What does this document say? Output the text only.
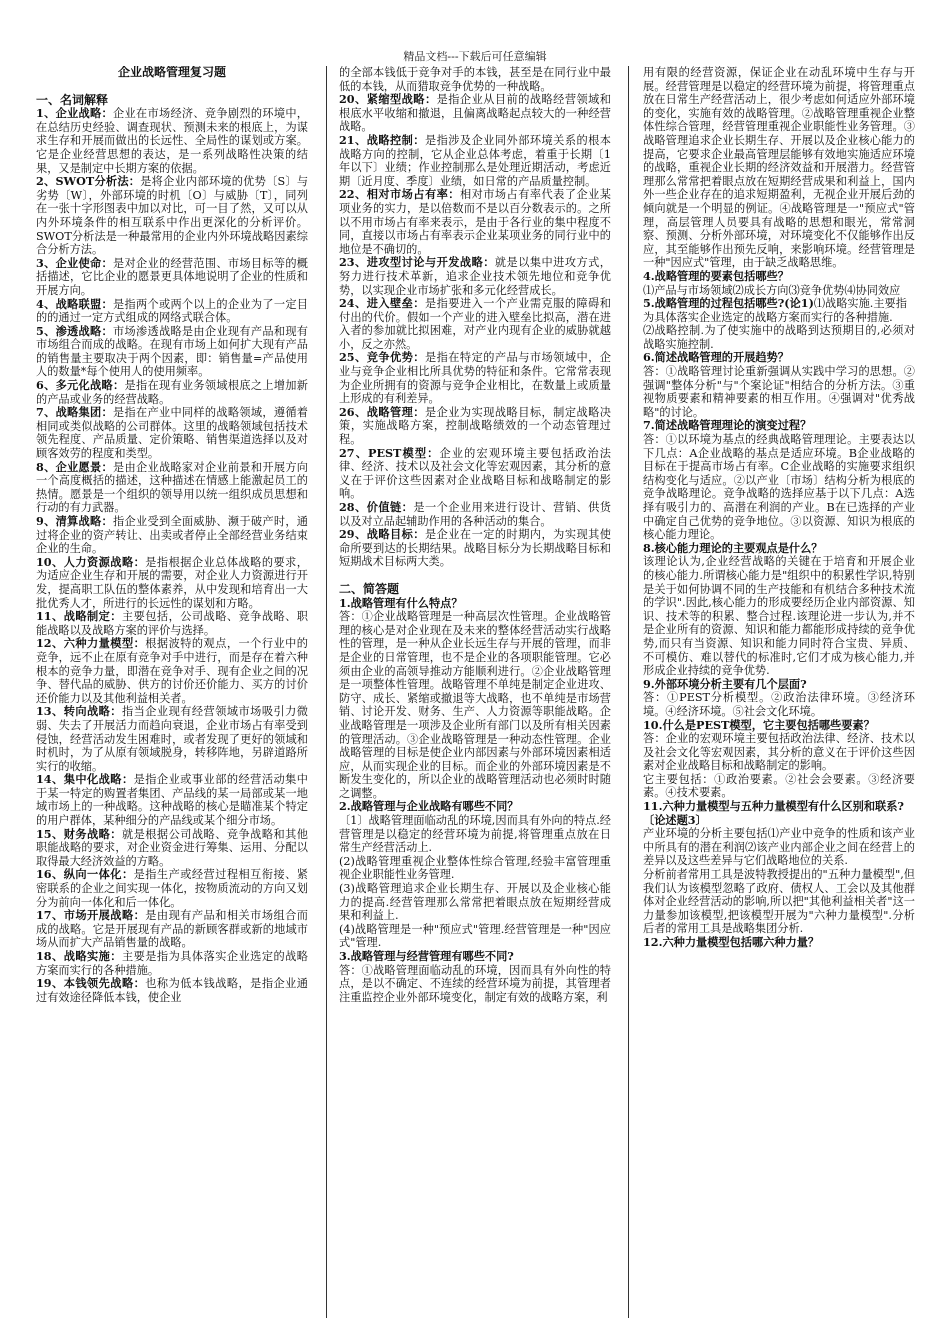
精品文档---下载后可任意编辑
企业战略管理复习题
一、名词解释

1、企业战略：企业在市场经济、竞争剧烈的环境中，在总结历史经验、调查现状、预测未来的根底上，为谋求生存和开展而做出的长远性、全局性的谋划或方案。它是企业经营思想的表达，是一系列战略性决策的结果，又是制定中长期方案的依据。

2、SWOT分析法：是将企业内部环境的优势〔S〕与劣势〔W〕，外部环境的时机〔O〕与威胁〔T〕，同列在一张十字形图表中加以对比，可一目了然，又可以从内外环境条件的相互联系中作出更深化的分析评价。SWOT分析法是一种最常用的企业内外环境战略因素综合分析方法。

3、企业使命：是对企业的经营范围、市场目标等的概括描述，它比企业的愿景更具体地说明了企业的性质和开展方向。

4、战略联盟：是指两个或两个以上的企业为了一定目的的通过一定方式组成的网络式联合体。

5、渗透战略：市场渗透战略是由企业现有产品和现有市场组合而成的战略。在现有市场上如何扩大现有产品的销售量主要取决于两个因素，即：销售量=产品使用人的数量*每个使用人的使用频率。

6、多元化战略：是指在现有业务领域根底之上增加新的产品或业务的经营战略。

7、战略集团：是指在产业中同样的战略领域，遵循着相同或类似战略的公司群体。这里的战略领域包括技术领先程度、产品质量、定价策略、销售渠道选择以及对顾客效劳的程度和类型。

8、企业愿景：是由企业战略家对企业前景和开展方向一个高度概括的描述，这种描述在情感上能激起员工的热情。愿景是一个组织的领导用以统一组织成员思想和行动的有力武器。

9、清算战略：指企业受到全面威胁、濒于破产时，通过将企业的资产转让、出卖或者停止全部经营业务结束企业的生命。

10、人力资源战略：是指根据企业总体战略的要求，为适应企业生存和开展的需要，对企业人力资源进行开发，提高职工队伍的整体素养，从中发现和培育出一大批优秀人才，所进行的长远性的谋划和方略。

11、战略制定：主要包括，公司战略、竞争战略、职能战略以及战略方案的评价与选择。

12、六种力量模型：根据波特的观点，一个行业中的竞争，远不止在原有竞争对手中进行，而是存在着六种根本的竞争力量，即潜在竞争对手、现有企业之间的况争、替代品的威胁、供方的讨价还价能力、买方的讨价还价能力以及其他利益相关者。

13、转向战略：指当企业现有经营领域市场吸引力微弱、失去了开展活力而趋向衰退，企业市场占有率受到侵蚀，经营活动发生困难时，或者发现了更好的领域和时机时，为了从原有领域脱身，转移阵地，另辟道路所实行的收缩。

14、集中化战略：是指企业或事业部的经营活动集中于某一特定的购置者集团、产品线的某一局部或某一地域市场上的一种战略。这种战略的核心是瞄准某个特定的用户群体，某种细分的产品线或某个细分市场。

15、财务战略：就是根据公司战略、竞争战略和其他职能战略的要求，对企业资金进行筹集、运用、分配以取得最大经济效益的方略。

16、纵向一体化：是指生产或经营过程相互衔接、紧密联系的企业之间实现一体化，按物质流动的方向又划分为前向一体化和后一体化。

17、市场开展战略：是由现有产品和相关市场组合而成的战略。它是开展现有产品的新顾客群或新的地域市场从而扩大产品销售量的战略。

18、战略实施：主要是指为具体落实企业选定的战略方案而实行的各种措施。

19、本钱领先战略：也称为低本钱战略，是指企业通过有效途径降低本钱，使企业

的全部本钱低于竞争对手的本钱，甚至是在同行业中最低的本钱，从而猎取竞争优势的一种战略。

20、紧缩型战略：是指企业从目前的战略经营领域和根底水平收缩和撤退，且偏离战略起点较大的一种经营战略。

21、战略控制：是指涉及企业同外部环境关系的根本战略方向的控制，它从企业总体考虑，着重于长期〔1年以下〕业绩；作业控制那么是处理近期活动，考虑近期〔近月度、季度〕业绩，如日常的产品质量控制。

22、相对市场占有率：相对市场占有率代表了企业某项业务的实力，是以倍数而不是以百分数表示的。之所以不用市场占有率来表示，是由于各行业的集中程度不同，直接以市场占有率表示企业某项业务的同行业中的地位是不确切的。

23、进攻型讨论与开发战略：就是以集中进攻方式，努力进行技术革新，追求企业技术领先地位和竞争优势，以实现企业市场扩张和多元化经营成长。

24、进入壁垒：是指要进入一个产业需克服的障碍和付出的代价。假如一个产业的进入壁垒比拟高，潜在进入者的参加就比拟困难，对产业内现有企业的威胁就越小，反之亦然。

25、竞争优势：是指在特定的产品与市场领域中，企业与竞争企业相比所具优势的特征和条件。它常常表现为企业所拥有的资源与竞争企业相比，在数量上或质量上形成的有利差异。

26、战略管理：是企业为实现战略目标，制定战略决策，实施战略方案，控制战略绩效的一个动态管理过程。

27、PEST模型：企业的宏观环境主要包括政治法律、经济、技术以及社会文化等宏观因素，其分析的意义在于评价这些因素对企业战略目标和战略制定的影响。

28、价值链：是一个企业用来进行设计、营销、供货以及对立品起辅助作用的各种活动的集合。

29、战略目标：是企业在一定的时期内，为实现其使命所要到达的长期结果。战略目标分为长期战略目标和短期战术目标两大类。

二、简答题

1.战略管理有什么特点？

答：①企业战略管理是一种高层次性管理。企业战略管理的核心是对企业现在及未来的整体经营活动实行战略性的管理，是一种从企业长远生存与开展的管理，而非是企业的日常管理，也不是企业的各项职能管理。它必须由企业的高领导推动方能顺利进行。②企业战略管理是一项整体性管理。战略管理不单纯是制定企业进攻、防守、成长、紧缩或撤退等大战略，也不单纯是市场营销、讨论开发、财务、生产、人力资源等职能战略。企业战略管理是一项涉及企业所有部门以及所有相关因素的管理活动。③企业战略管理是一种动态性管理。企业战略管理的目标是使企业内部因素与外部环境因素相适应，从而实现企业的目标。而企业的外部环境因素是不断发生变化的，所以企业的战略管理活动也必须时时随之调整。

2.战略管理与企业战略有哪些不同？

〔1〕战略管理面临动乱的环境,因而具有外向的特点.经营管理是以稳定的经营环境为前提,将管理重点放在日常生产经营活动上.

(2)战略管理重视企业整体性综合管理,经验丰富管理重视企业职能性业务管理.

(3)战略管理追求企业长期生存、开展以及企业核心能力的提高.经营管理那么常常把着眼点放在短期经营成果和利益上.

(4)战略管理是一种"预应式"管理.经营管理是一种"因应式"管理.

3.战略管理与经营管理有哪些不同?

答：①战略管理面临动乱的环境，因而具有外向性的特点，是以不确定、不连续的经营环境为前提，其管理者注重监控企业外部环境变化，制定有效的战略方案，利

用有限的经营资源，保证企业在动乱环境中生存与开展。经营管理是以稳定的经营环境为前提，将管理重点放在日常生产经营活动上，很少考虑如何适应外部环境的变化，实施有效的战略管理。②战略管理重视企业整体性综合管理，经营管理重视企业职能性业务管理。③战略管理追求企业长期生存、开展以及企业核心能力的提高，它要求企业最高管理层能够有效地实施适应环境的战略，重视企业长期的经济效益和开展潜力。经营管理那么常常把着眼点放在短期经营成果和利益上，国内外一些企业存在的追求短期盈利，无视企业开展后劲的倾向就是一个明显的例证。④战略管理是一"预应式"管理，高层管理人员要具有战略的思想和眼光，常常洞察、预测、分析外部环境，对环境变化不仅能够作出反应，其至能够作出预先反响，来影响环境。经营管理是一种"因应式"管理，由于缺乏战略思维。

4.战略管理的要素包括哪些？

⑴产品与市场领域⑵成长方向⑶竞争优势⑷协同效应

5.战略管理的过程包括哪些?(论1)⑴战略实施.主要指为具体落实企业选定的战略方案而实行的各种措施.

⑵战略控制.为了使实施中的战略到达预期目的,必须对战略实施控制.

6.简述战略管理的开展趋势？

答：①战略管理讨论重新强调从实践中学习的思想。②强调"整体分析"与"个案论证"相结合的分析方法。③重视物质要素和精神要素的相互作用。④强调对"优秀战略"的讨论。

7.简述战略管理理论的演变过程？

答：①以环境为基点的经典战略管理理论。主要表达以下几点：A企业战略的基点是适应环境。B企业战略的目标在于提高市场占有率。C企业战略的实施要求组织结构变化与适应。②以产业〔市场〕结构分析为根底的竞争战略理论。竞争战略的选择应基于以下几点：A选择有吸引力的、高潜在利润的产业。B在已选择的产业中确定自己优势的竞争地位。③以资源、知识为根底的核心能力理论。

8.核心能力理论的主要观点是什么？

该理论认为,企业经营战略的关键在于培育和开展企业的核心能力.所谓核心能力是"组织中的积累性学识,特别是关于如何协调不同的生产技能和有机结合多种技术流的学识".因此,核心能力的形成要经历企业内部资源、知识、技术等的积累、整合过程.该理论进一步认为,并不是企业所有的资源、知识和能力都能形成持续的竞争优势,而只有当资源、知识和能力同时符合宝贵、异质、不可模仿、难以替代的标准时,它们才成为核心能力,并形成企业持续的竞争优势.

9.外部环境分析主要有几个层面?

答：①PEST分析模型。②政治法律环境。③经济环境。④经济环境。⑤社会文化环境。

10.什么是PEST模型，它主要包括哪些要素？

答：企业的宏观环境主要包括政治法律、经济、技术以及社会文化等宏观因素，其分析的意义在于评价这些因素对企业战略目标和战略制定的影响。

它主要包括：①政治要素。②社会会要素。③经济要素。④技术要素。

11.六种力量模型与五种力量模型有什么区别和联系?〔论述题3〕

产业环境的分析主要包括⑴产业中竞争的性质和该产业中所具有的潜在利润⑵该产业内部企业之间在经营上的差异以及这些差异与它们战略地位的关系.

分析前者常用工具是波特教授提出的"五种力量模型",但我们认为该模型忽略了政府、债权人、工会以及其他群体对企业经营活动的影响,所以把"其他利益相关者"这一力量参加该模型,把该模型开展为"六种力量模型".分析后者的常用工具是战略集团分析.

12.六种力量模型包括哪六种力量？
